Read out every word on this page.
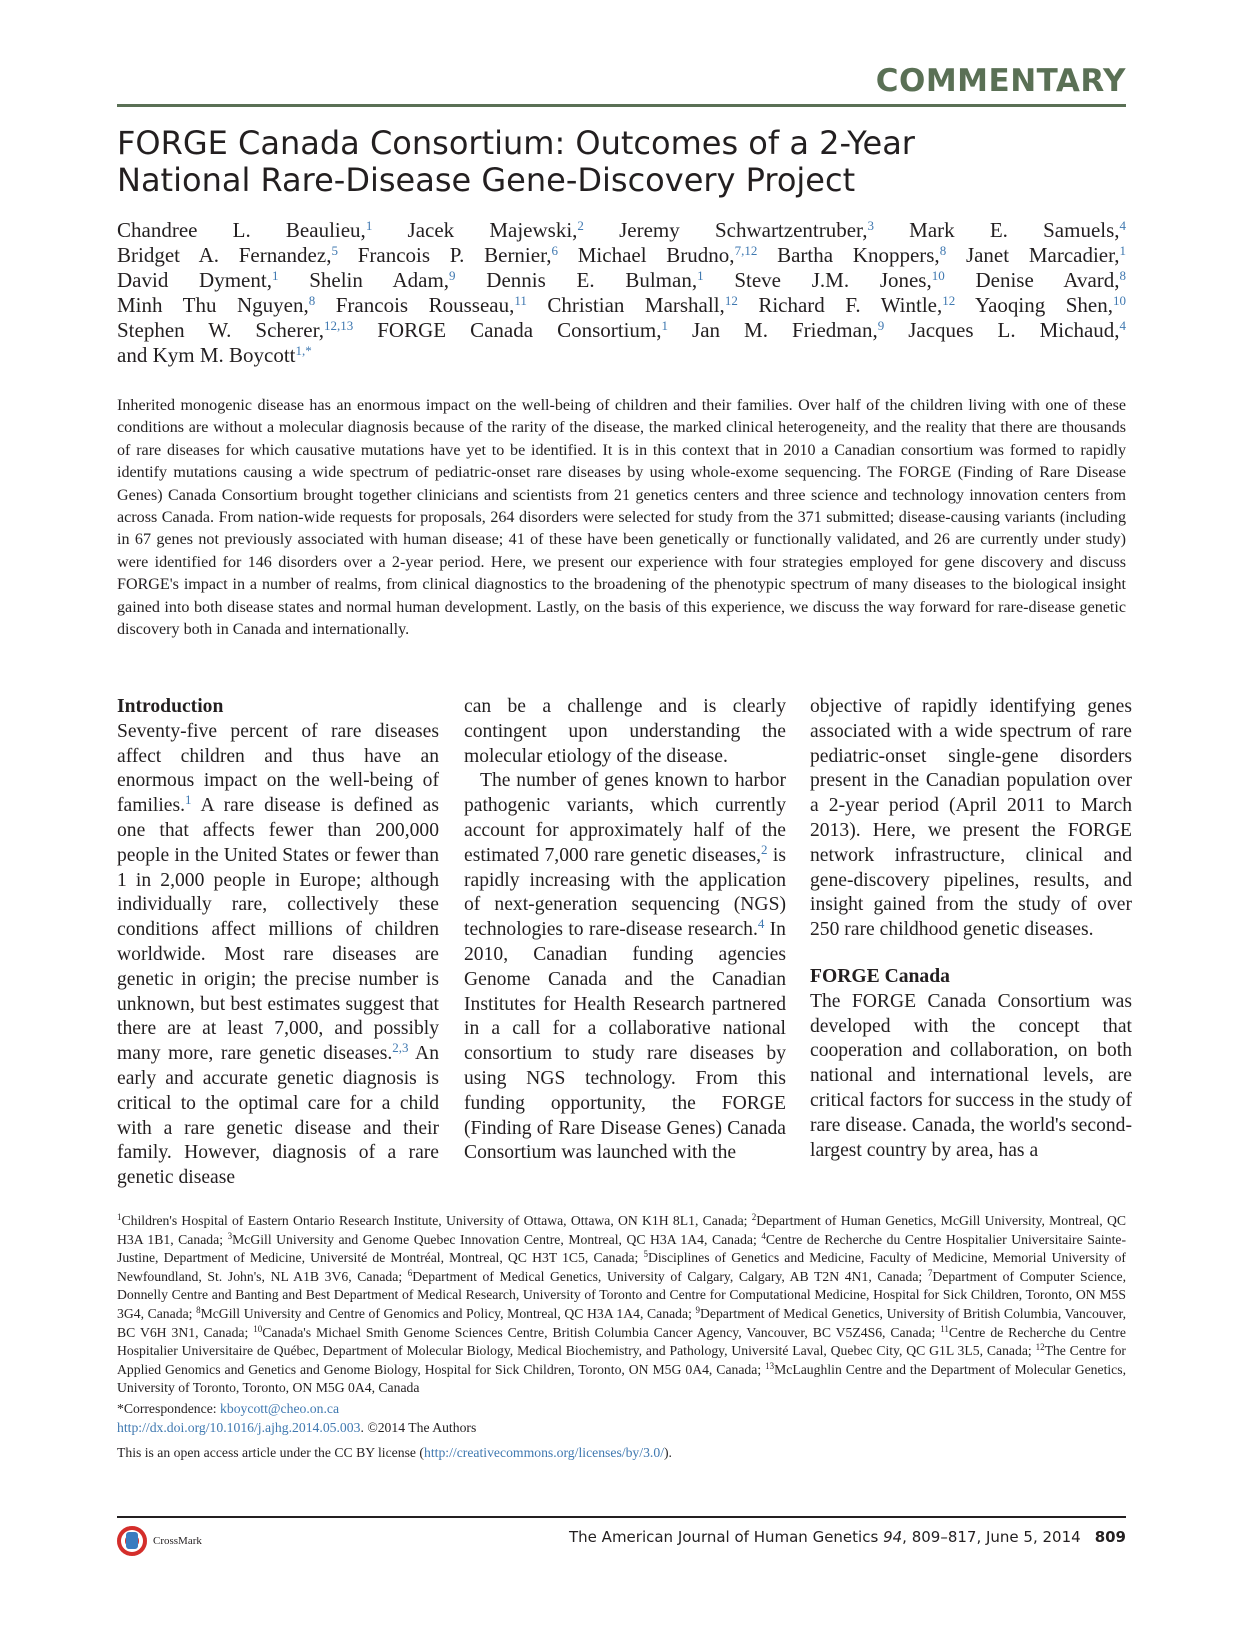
COMMENTARY
FORGE Canada Consortium: Outcomes of a 2-Year
National Rare-Disease Gene-Discovery Project
Chandree L. Beaulieu,$^1$ Jacek Majewski,$^2$ Jeremy Schwartzentruber,$^3$ Mark E. Samuels,$^4$
Bridget A. Fernandez,$^5$ Francois P. Bernier,$^6$ Michael Brudno,$^{7,12}$ Bartha Knoppers,$^8$ Janet Marcadier,$^1$
David Dyment,$^1$ Shelin Adam,$^9$ Dennis E. Bulman,$^1$ Steve J.M. Jones,$^{10}$ Denise Avard,$^8$
Minh Thu Nguyen,$^8$ Francois Rousseau,$^{11}$ Christian Marshall,$^{12}$ Richard F. Wintle,$^{12}$ Yaoqing Shen,$^{10}$
Stephen W. Scherer,$^{12,13}$ FORGE Canada Consortium,$^1$ Jan M. Friedman,$^9$ Jacques L. Michaud,$^4$
and Kym M. Boycott$^{1,*}$

Inherited monogenic disease has an enormous impact on the well-being of children and their families. Over half of the children living with one of these conditions are without a molecular diagnosis because of the rarity of the disease, the marked clinical heterogeneity, and the reality that there are thousands of rare diseases for which causative mutations have yet to be identified. It is in this context that in 2010 a Canadian consortium was formed to rapidly identify mutations causing a wide spectrum of pediatric-onset rare diseases by using whole-exome sequencing. The FORGE (Finding of Rare Disease Genes) Canada Consortium brought together clinicians and scientists from 21 genetics centers and three science and technology innovation centers from across Canada. From nation-wide requests for proposals, 264 disorders were selected for study from the 371 submitted; disease-causing variants (including in 67 genes not previously associated with human disease; 41 of these have been genetically or functionally validated, and 26 are currently under study) were identified for 146 disorders over a 2-year period. Here, we present our experience with four strategies employed for gene discovery and discuss FORGE's impact in a number of realms, from clinical diagnostics to the broadening of the phenotypic spectrum of many diseases to the biological insight gained into both disease states and normal human development. Lastly, on the basis of this experience, we discuss the way forward for rare-disease genetic discovery both in Canada and internationally.

Introduction
Seventy-five percent of rare diseases affect children and thus have an enormous impact on the well-being of families.$^1$ A rare disease is defined as one that affects fewer than 200,000 people in the United States or fewer than 1 in 2,000 people in Europe; although individually rare, collectively these conditions affect millions of children worldwide. Most rare diseases are genetic in origin; the precise number is unknown, but best estimates suggest that there are at least 7,000, and possibly many more, rare genetic diseases.$^{2,3}$ An early and accurate genetic diagnosis is critical to the optimal care for a child with a rare genetic disease and their family. However, diagnosis of a rare genetic disease
can be a challenge and is clearly contingent upon understanding the molecular etiology of the disease.
The number of genes known to harbor pathogenic variants, which currently account for approximately half of the estimated 7,000 rare genetic diseases,$^2$ is rapidly increasing with the application of next-generation sequencing (NGS) technologies to rare-disease research.$^4$ In 2010, Canadian funding agencies Genome Canada and the Canadian Institutes for Health Research partnered in a call for a collaborative national consortium to study rare diseases by using NGS technology. From this funding opportunity, the FORGE (Finding of Rare Disease Genes) Canada Consortium was launched with the
objective of rapidly identifying genes associated with a wide spectrum of rare pediatric-onset single-gene disorders present in the Canadian population over a 2-year period (April 2011 to March 2013). Here, we present the FORGE network infrastructure, clinical and gene-discovery pipelines, results, and insight gained from the study of over 250 rare childhood genetic diseases.
FORGE Canada
The FORGE Canada Consortium was developed with the concept that cooperation and collaboration, on both national and international levels, are critical factors for success in the study of rare disease. Canada, the world's second-largest country by area, has a
$^1$Children's Hospital of Eastern Ontario Research Institute, University of Ottawa, Ottawa, ON K1H 8L1, Canada; $^2$Department of Human Genetics, McGill University, Montreal, QC H3A 1B1, Canada; $^3$McGill University and Genome Quebec Innovation Centre, Montreal, QC H3A 1A4, Canada; $^4$Centre de Recherche du Centre Hospitalier Universitaire Sainte-Justine, Department of Medicine, Université de Montréal, Montreal, QC H3T 1C5, Canada; $^5$Disciplines of Genetics and Medicine, Faculty of Medicine, Memorial University of Newfoundland, St. John's, NL A1B 3V6, Canada; $^6$Department of Medical Genetics, University of Calgary, Calgary, AB T2N 4N1, Canada; $^7$Department of Computer Science, Donnelly Centre and Banting and Best Department of Medical Research, University of Toronto and Centre for Computational Medicine, Hospital for Sick Children, Toronto, ON M5S 3G4, Canada; $^8$McGill University and Centre of Genomics and Policy, Montreal, QC H3A 1A4, Canada; $^9$Department of Medical Genetics, University of British Columbia, Vancouver, BC V6H 3N1, Canada; $^{10}$Canada's Michael Smith Genome Sciences Centre, British Columbia Cancer Agency, Vancouver, BC V5Z4S6, Canada; $^{11}$Centre de Recherche du Centre Hospitalier Universitaire de Québec, Department of Molecular Biology, Medical Biochemistry, and Pathology, Université Laval, Quebec City, QC G1L 3L5, Canada; $^{12}$The Centre for Applied Genomics and Genetics and Genome Biology, Hospital for Sick Children, Toronto, ON M5G 0A4, Canada; $^{13}$McLaughlin Centre and the Department of Molecular Genetics, University of Toronto, Toronto, ON M5G 0A4, Canada
*Correspondence: kboycott@cheo.on.ca
http://dx.doi.org/10.1016/j.ajhg.2014.05.003. ©2014 The Authors
This is an open access article under the CC BY license (http://creativecommons.org/licenses/by/3.0/).
CrossMark	The American Journal of Human Genetics 94, 809–817, June 5, 2014 809
